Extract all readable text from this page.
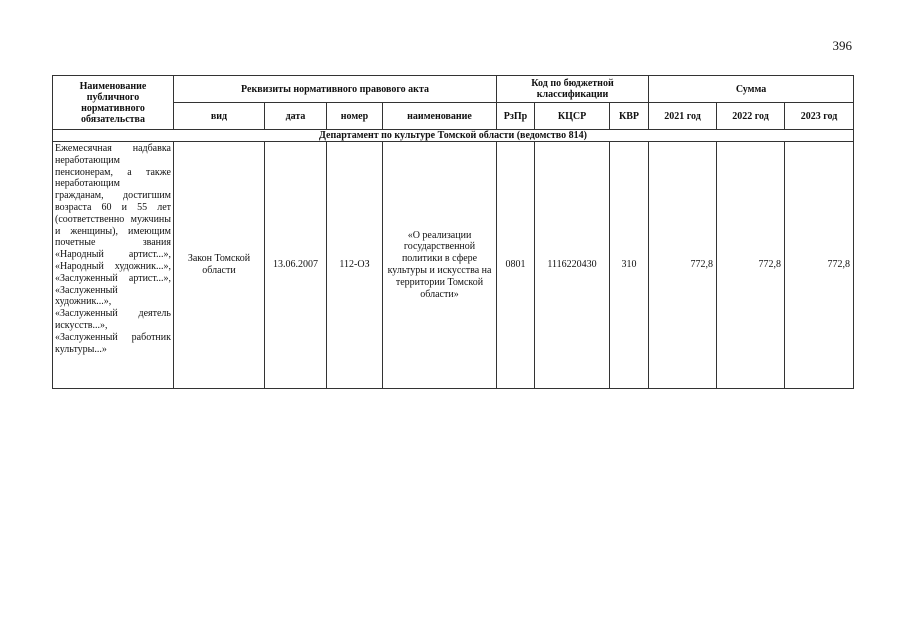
396
Наименование публичного нормативного обязательства	Реквизиты нормативного правового акта				Код по бюджетной классификации			Сумма		
	вид	дата	номер	наименование	РзПр	КЦСР	КВР	2021 год	2022 год	2023 год
Департамент по культуре Томской области (ведомство 814)										
Ежемесячная надбавка неработающим пенсионерам, а также неработающим гражданам, достигшим возраста 60 и 55 лет (соответственно мужчины и женщины), имеющим почетные звания «Народный артист...», «Народный художник...», «Заслуженный артист...», «Заслуженный художник...», «Заслуженный деятель искусств...», «Заслуженный работник культуры...»	Закон Томской области	13.06.2007	112-ОЗ	«О реализации государственной политики в сфере культуры и искусства на территории Томской области»	0801	1116220430	310	772,8	772,8	772,8
